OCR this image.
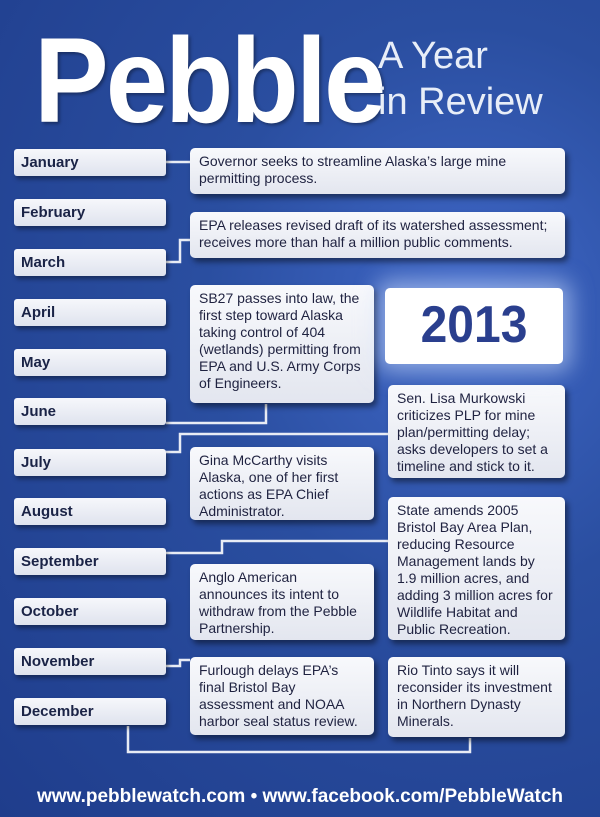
Pebble
A Year
in Review
January
February
March
April
May
June
July
August
September
October
November
December
Governor seeks to streamline Alaska’s large mine permitting process.
EPA releases revised draft of its watershed assessment; receives more than half a million public comments.
SB27 passes into law, the first step toward Alaska taking control of 404 (wetlands) permitting from EPA and U.S. Army Corps of Engineers.
Sen. Lisa Murkowski criticizes PLP for mine plan/permitting delay; asks developers to set a timeline and stick to it.
Gina McCarthy visits Alaska, one of her first actions as EPA Chief Administrator.	State amends 2005 Bristol Bay Area Plan, reducing Resource Management lands by 1.9 million acres, and adding 3 million acres for Wildlife Habitat and Public Recreation.
Anglo American announces its intent to withdraw from the Pebble Partnership.
Furlough delays EPA’s final Bristol Bay assessment and NOAA harbor seal status review.
Rio Tinto says it will reconsider its investment in Northern Dynasty Minerals.
2013
www.pebblewatch.com • www.facebook.com/PebbleWatch
